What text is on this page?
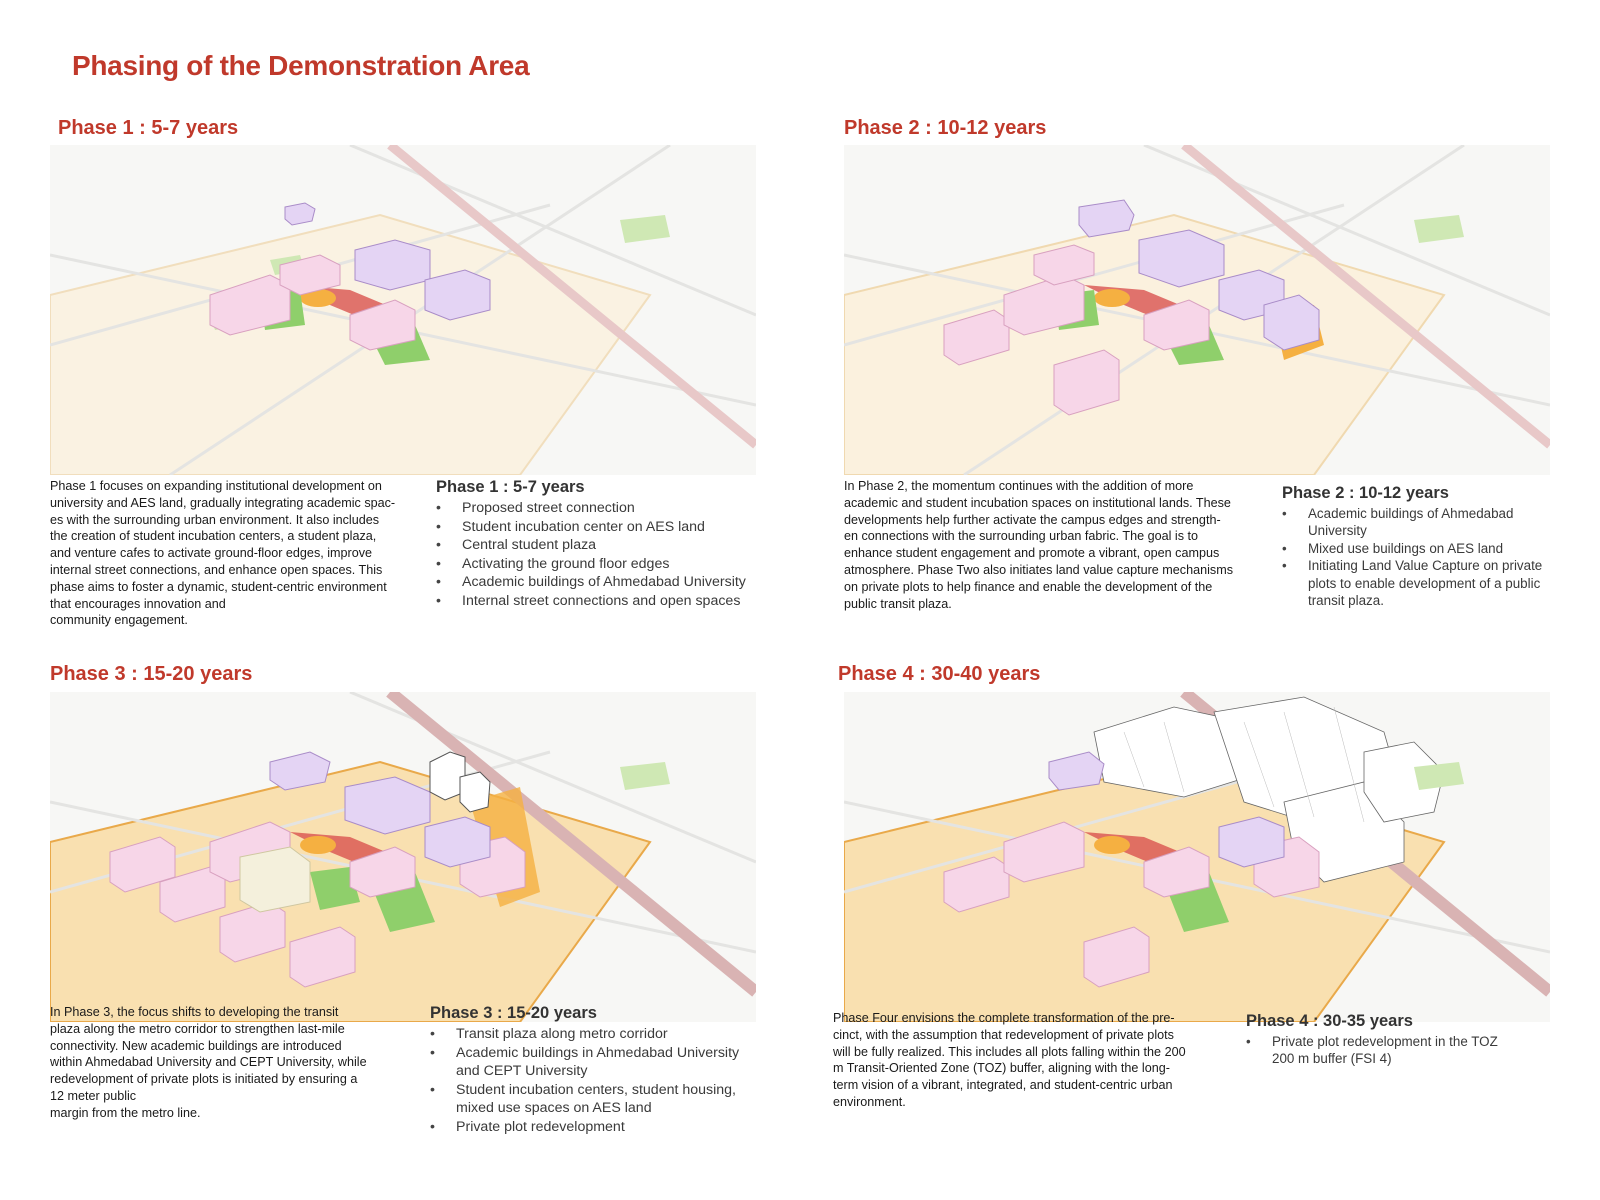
Phasing of the Demonstration Area
Phase 1 : 5-7 years
Phase 1 focuses on expanding institutional development on
university and AES land, gradually integrating academic spac-
es with the surrounding urban environment. It also includes
the creation of student incubation centers, a student plaza,
and venture cafes to activate ground-floor edges, improve
internal street connections, and enhance open spaces. This
phase aims to foster a dynamic, student-centric environment
that encourages innovation and
community engagement.
Phase 1 : 5-7 years
• Proposed street connection
• Student incubation center on AES land
• Central student plaza
• Activating the ground floor edges
• Academic buildings of Ahmedabad University
• Internal street connections and open spaces
Phase 2 : 10-12 years
In Phase 2, the momentum continues with the addition of more
academic and student incubation spaces on institutional lands. These
developments help further activate the campus edges and strength-
en connections with the surrounding urban fabric. The goal is to
enhance student engagement and promote a vibrant, open campus
atmosphere. Phase Two also initiates land value capture mechanisms
on private plots to help finance and enable the development of the
public transit plaza.
Phase 2 : 10-12 years
• Academic buildings of Ahmedabad University
• Mixed use buildings on AES land
• Initiating Land Value Capture on private plots to enable development of a public transit plaza.
Phase 3 : 15-20 years
In Phase 3, the focus shifts to developing the transit
plaza along the metro corridor to strengthen last-mile
connectivity. New academic buildings are introduced
within Ahmedabad University and CEPT University, while
redevelopment of private plots is initiated by ensuring a
12 meter public
margin from the metro line.
Phase 3 : 15-20 years
• Transit plaza along metro corridor
• Academic buildings in Ahmedabad University and CEPT University
• Student incubation centers, student housing, mixed use spaces on AES land
• Private plot redevelopment
Phase 4 : 30-40 years
Phase Four envisions the complete transformation of the pre-
cinct, with the assumption that redevelopment of private plots
will be fully realized. This includes all plots falling within the 200
m Transit-Oriented Zone (TOZ) buffer, aligning with the long-
term vision of a vibrant, integrated, and student-centric urban
environment.
Phase 4 : 30-35 years
• Private plot redevelopment in the TOZ 200 m buffer (FSI 4)
